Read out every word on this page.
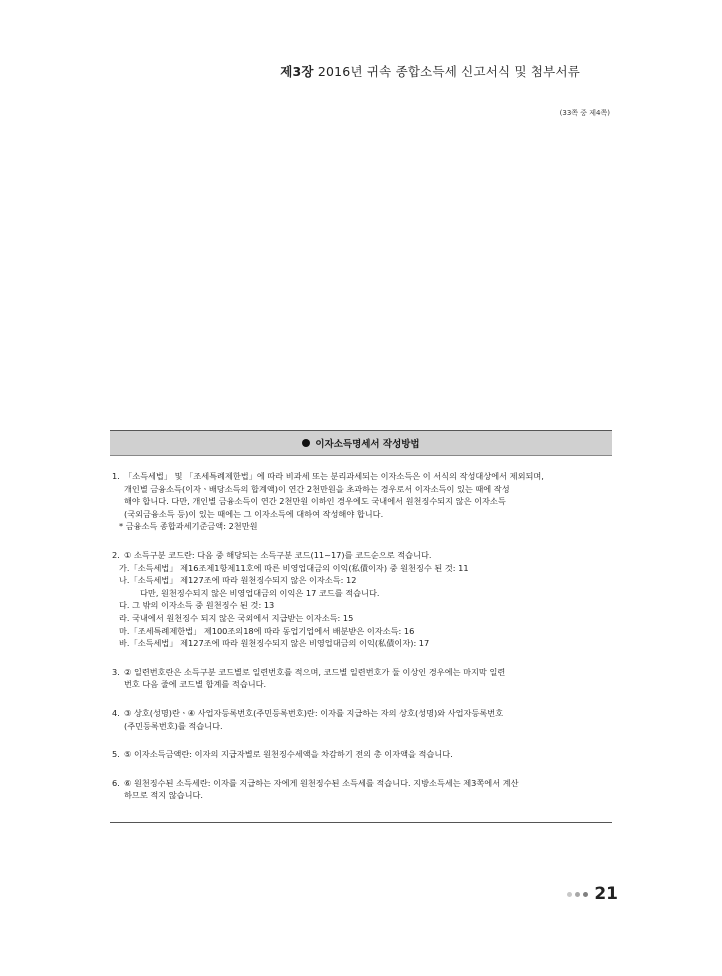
제3장 2016년 귀속 종합소득세 신고서식 및 첨부서류
(33쪽 중 제4쪽)
이자소득명세서 작성방법
1. 「소득세법」 및 「조세특례제한법」에 따라 비과세 또는 분리과세되는 이자소득은 이 서식의 작성대상에서 제외되며,
개인별 금융소득(이자ㆍ배당소득의 합계액)이 연간 2천만원을 초과하는 경우로서 이자소득이 있는 때에 작성
해야 합니다. 다만, 개인별 금융소득이 연간 2천만원 이하인 경우에도 국내에서 원천징수되지 않은 이자소득
(국외금융소득 등)이 있는 때에는 그 이자소득에 대하여 작성해야 합니다.
* 금융소득 종합과세기준금액: 2천만원
2. ① 소득구분 코드란: 다음 중 해당되는 소득구분 코드(11~17)를 코드순으로 적습니다.
가.「소득세법」 제16조제1항제11호에 따른 비영업대금의 이익(私債이자) 중 원천징수 된 것: 11
나.「소득세법」 제127조에 따라 원천징수되지 않은 이자소득: 12
다만, 원천징수되지 않은 비영업대금의 이익은 17 코드를 적습니다.
다. 그 밖의 이자소득 중 원천징수 된 것: 13
라. 국내에서 원천징수 되지 않은 국외에서 지급받는 이자소득: 15
마.「조세특례제한법」 제100조의18에 따라 동업기업에서 배분받은 이자소득: 16
바.「소득세법」 제127조에 따라 원천징수되지 않은 비영업대금의 이익(私債이자): 17
3. ② 일련번호란은 소득구분 코드별로 일련번호를 적으며, 코드별 일련번호가 둘 이상인 경우에는 마지막 일련
번호 다음 줄에 코드별 합계를 적습니다.
4. ③ 상호(성명)란ㆍ④ 사업자등록번호(주민등록번호)란: 이자를 지급하는 자의 상호(성명)와 사업자등록번호
(주민등록번호)를 적습니다.
5. ⑤ 이자소득금액란: 이자의 지급자별로 원천징수세액을 차감하기 전의 총 이자액을 적습니다.
6. ⑥ 원천징수된 소득세란: 이자를 지급하는 자에게 원천징수된 소득세를 적습니다. 지방소득세는 제3쪽에서 계산
하므로 적지 않습니다.
21
